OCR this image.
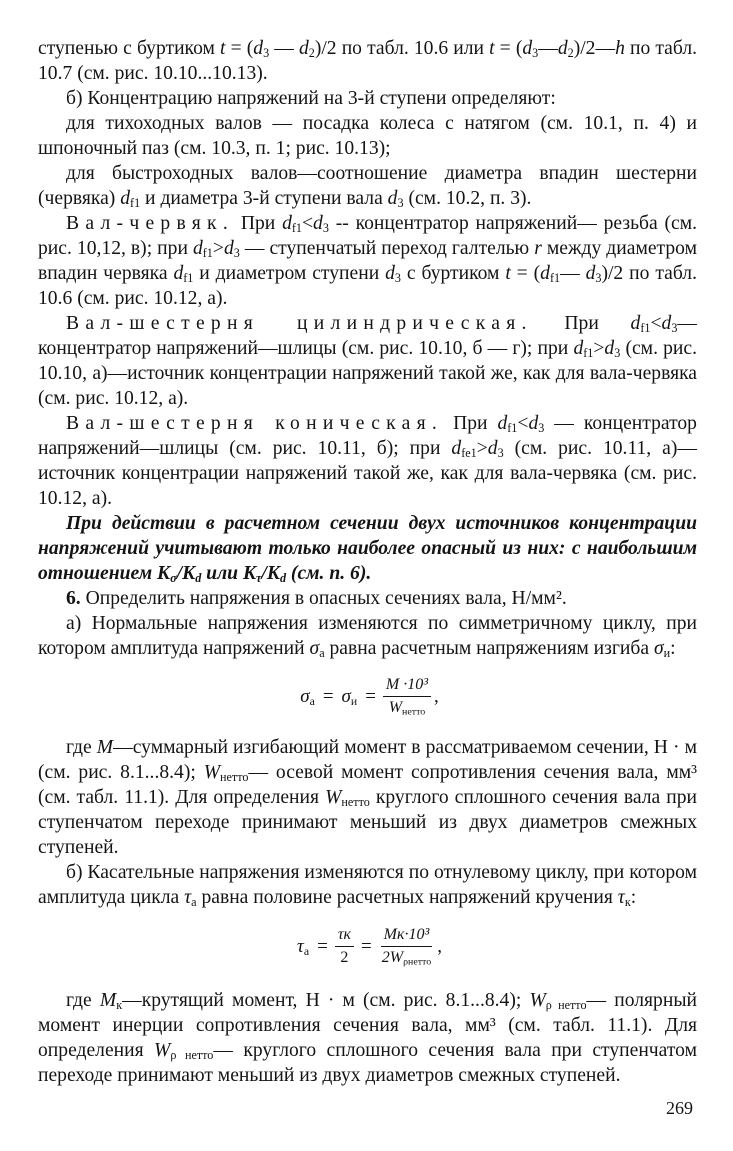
ступенью с буртиком $t = (d_3$ — $d_2)/2$ по табл. 10.6 или $t = (d_3—d_2)/2—h$ по табл. 10.7 (см. рис. 10.10...10.13).

б) Концентрацию напряжений на 3-й ступени определяют:

для тихоходных валов — посадка колеса с натягом (см. 10.1, п. 4) и шпоночный паз (см. 10.3, п. 1; рис. 10.13);

для быстроходных валов—соотношение диаметра впадин шестерни (червяка) $d_{f1}$ и диаметра 3-й ступени вала $d_3$ (см. 10.2, п. 3).

Вал-червяк. При $d_{f1}<d_3$ -- концентратор напряжений— резьба (см. рис. 10,12, в); при $d_{f1}>d_3$ — ступенчатый переход галтелью r между диаметром впадин червяка $d_{f1}$ и диаметром ступени $d_3$ с буртиком $t = (d_{f1}—$ $d_3)/2$ по табл. 10.6 (см. рис. 10.12, а).

Вал-шестерня цилиндрическая. При $d_{f1}<d_3—$ концентратор напряжений—шлицы (см. рис. 10.10, б — г); при $d_{f1}>d_3$ (см. рис. 10.10, а)—источник концентрации напряжений такой же, как для вала-червяка (см. рис. 10.12, а).

Вал-шестерня коническая. При $d_{f1}<d_3$ — концентратор напряжений—шлицы (см. рис. 10.11, б); при $d_{fe1}>d_3$ (см. рис. 10.11, а)—источник концентрации напряжений такой же, как для вала-червяка (см. рис. 10.12, а).

При действии в расчетном сечении двух источников концентрации напряжений учитывают только наиболее опасный из них: с наибольшим отношением $K_\sigma/K_d$ или $K_\tau/K_d$ (см. п. 6).

6. Определить напряжения в опасных сечениях вала, Н/мм².

а) Нормальные напряжения изменяются по симметричному циклу, при котором амплитуда напряжений $\sigma_а$ равна расчетным напряжениям изгиба $\sigma_и$:

$\sigma_а = \sigma_и = \frac{\text{M ·10³}}{W_{нетто}}$ ,

где M—суммарный изгибающий момент в рассматриваемом сечении, Н · м (см. рис. 8.1...8.4); $W_{нетто}—$ осевой момент сопротивления сечения вала, мм³ (см. табл. 11.1). Для определения $W_{нетто}$ круглого сплошного сечения вала при ступенчатом переходе принимают меньший из двух диаметров смежных ступеней.

б) Касательные напряжения изменяются по отнулевому циклу, при котором амплитуда цикла $\tau_а$ равна половине расчетных напряжений кручения $\tau_к$:

$\tau_а = \frac{\tau к}{2} = \frac{\text{Mк·10³}}{2W_{\rho нетто}}$ ,

где $M_к—крутящий$ момент, Н · м (см. рис. 8.1...8.4); $W_{\rho нетто}—$ полярный момент инерции сопротивления сечения вала, мм³ (см. табл. 11.1). Для определения $W_{\rho нетто}—$ круглого сплошного сечения вала при ступенчатом переходе принимают меньший из двух диаметров смежных ступеней.

269
